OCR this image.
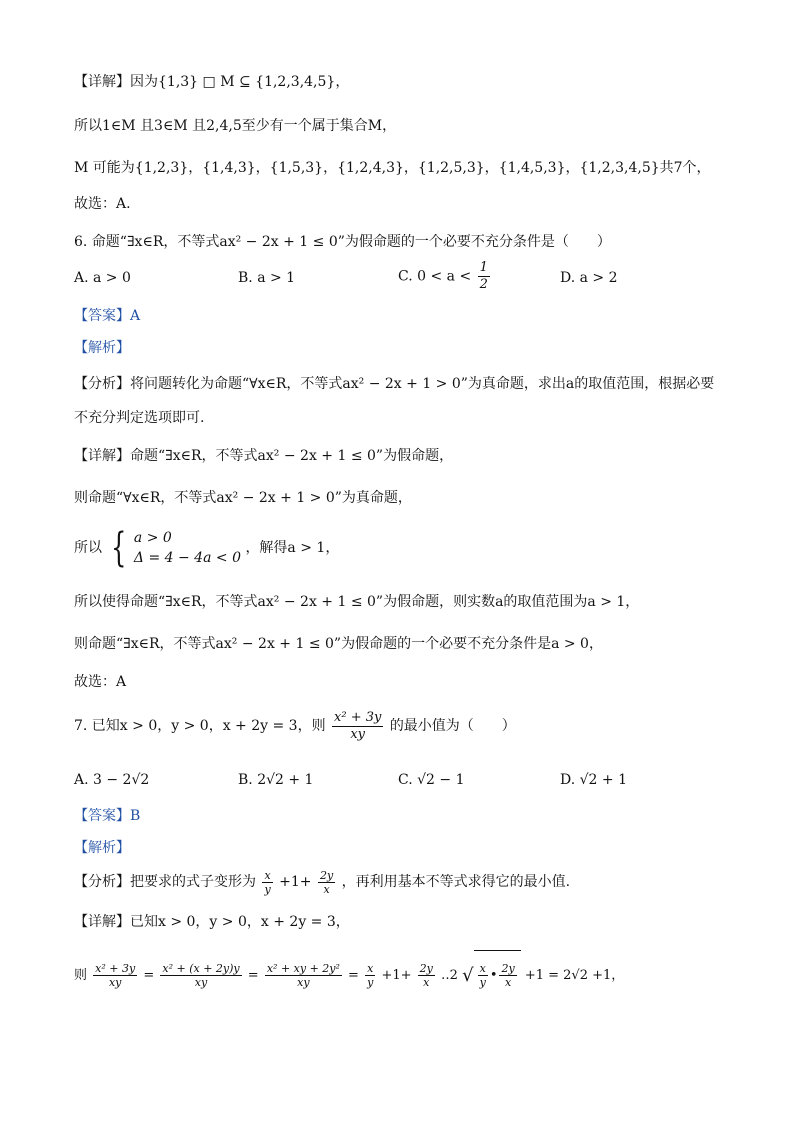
【详解】因为{1,3} □ M ⊆ {1,2,3,4,5}，
所以1∈M 且3∈M 且2,4,5至少有一个属于集合M，
M 可能为{1,2,3}，{1,4,3}，{1,5,3}，{1,2,4,3}，{1,2,5,3}，{1,4,5,3}，{1,2,3,4,5}共7个，
故选：A.
6. 命题“∃x∈R，不等式ax² − 2x + 1 ≤ 0”为假命题的一个必要不充分条件是（　　）
A. a > 0	B. a > 1	C. $0 < a < \frac{1}{2}$	D. a > 2
【答案】A
【解析】
【分析】将问题转化为命题“∀x∈R，不等式ax² − 2x + 1 > 0”为真命题，求出a的取值范围，根据必要
不充分判定选项即可.
【详解】命题“∃x∈R，不等式ax² − 2x + 1 ≤ 0”为假命题，
则命题“∀x∈R，不等式ax² − 2x + 1 > 0”为真命题，
所以 { a > 0
Δ = 4 − 4a < 0
，解得a > 1，
所以使得命题“∃x∈R，不等式ax² − 2x + 1 ≤ 0”为假命题，则实数a的取值范围为a > 1，
则命题“∃x∈R，不等式ax² − 2x + 1 ≤ 0”为假命题的一个必要不充分条件是a > 0，
故选：A
7. 已知x > 0，y > 0，x + 2y = 3，则 $\frac{\text{x² + 3y}}{xy}$ 的最小值为（　　）
A. 3 − 2√2	B. 2√2 + 1	C. √2 − 1	D. √2 + 1
【答案】B
【解析】
【分析】把要求的式子变形为 $\frac{x}{y} +1+ \frac{2y}{x}$ ，再利用基本不等式求得它的最小值.
【详解】已知x > 0，y > 0，x + 2y = 3，
则 $\frac{\text{x² + 3y}}{xy} = \frac{\text{x² + (x + 2y)y}}{xy} = \frac{\text{x² + xy + 2y²}}{xy} = \frac{x}{y} +1+ \frac{2y}{x}$ ‥2 √ $\frac{x}{y}$ • $\frac{2y}{x} +1 = 2√2 +1$，
